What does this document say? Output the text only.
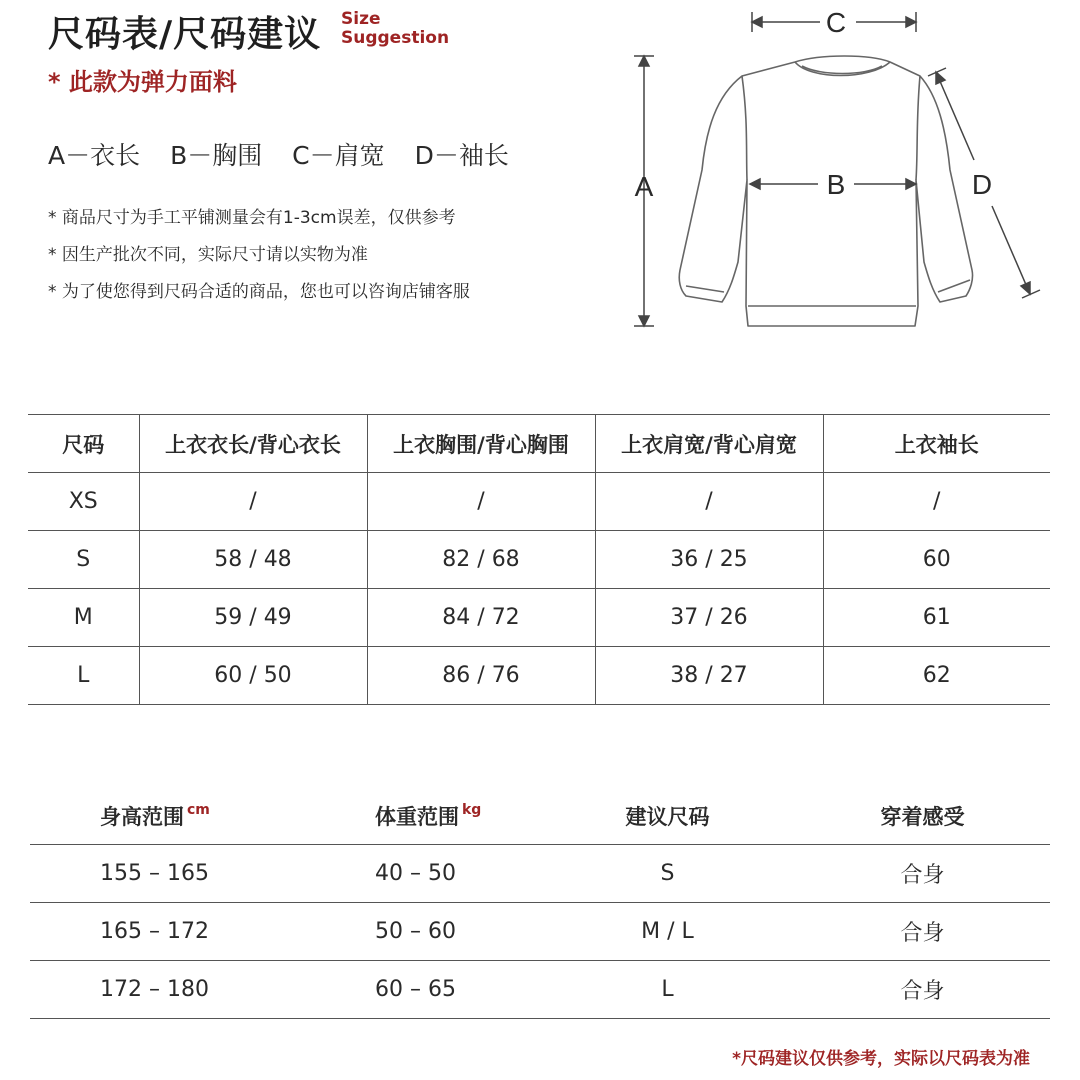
尺码表/尺码建议 Size
Suggestion
* 此款为弹力面料
A－衣长 B－胸围 C－肩宽 D－袖长
* 商品尺寸为手工平铺测量会有1-3cm误差，仅供参考
* 因生产批次不同，实际尺寸请以实物为准
* 为了使您得到尺码合适的商品，您也可以咨询店铺客服
A
C
B	D
尺码	上衣衣长/背心衣长	上衣胸围/背心胸围	上衣肩宽/背心肩宽	上衣袖长
XS	/	/	/	/
S	58 / 48	82 / 68	36 / 25	60
M	59 / 49	84 / 72	37 / 26	61
L	60 / 50	86 / 76	38 / 27	62
身高范围 $^{cm}$	体重范围 $^{kg}$	建议尺码	穿着感受
155 – 165	40 – 50	S	合身
165 – 172	50 – 60	M / L	合身
172 – 180	60 – 65	L	合身
*尺码建议仅供参考，实际以尺码表为准
